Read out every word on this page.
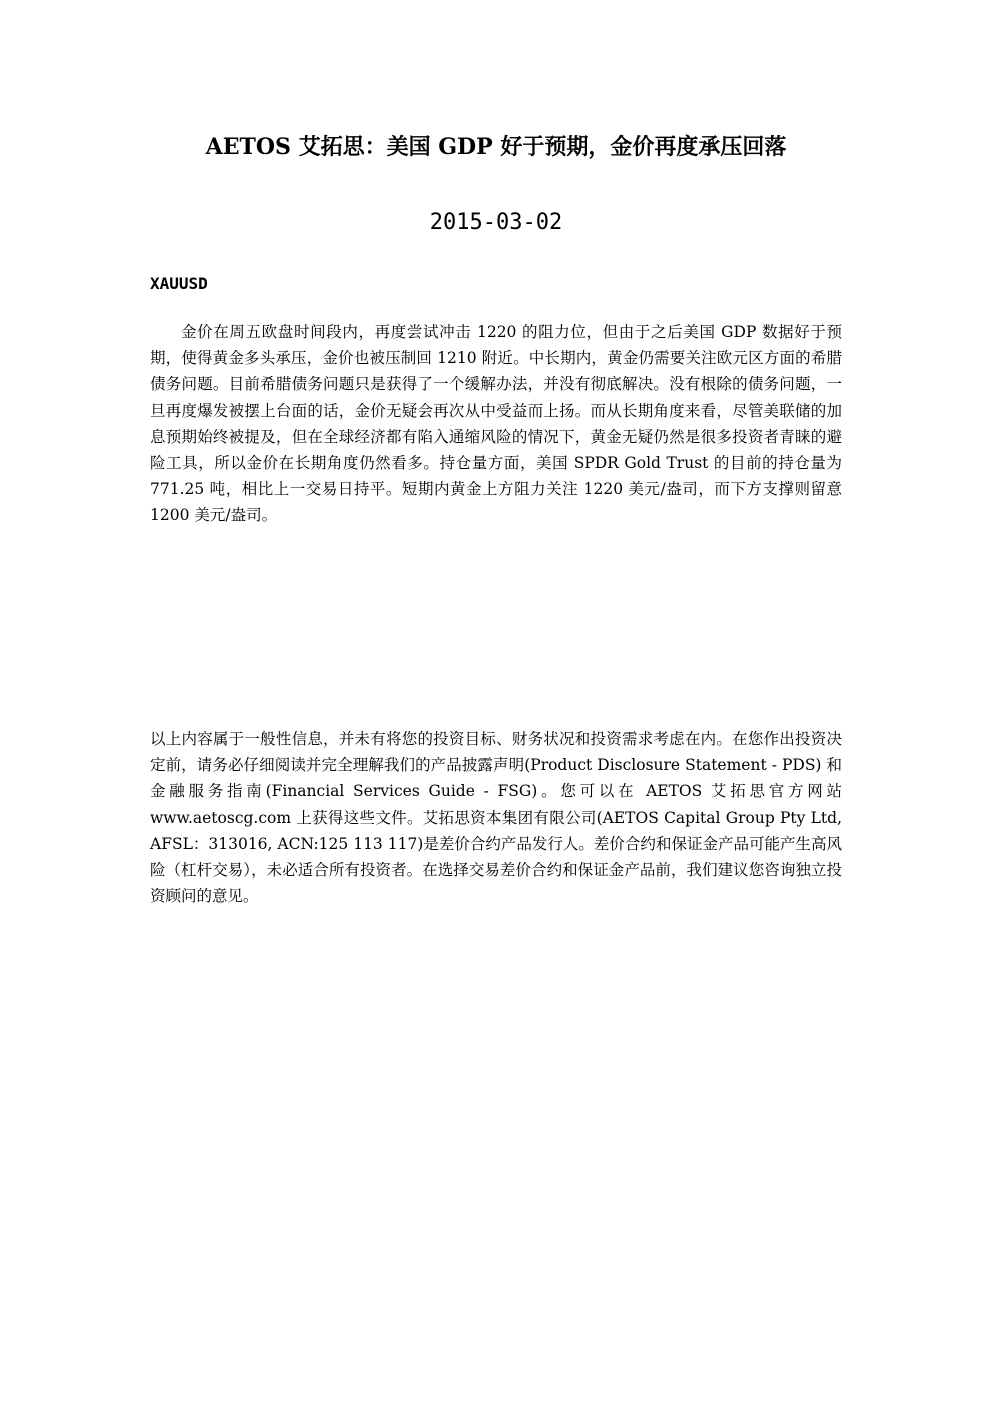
AETOS 艾拓思：美国 GDP 好于预期，金价再度承压回落
2015-03-02
XAUUSD

金价在周五欧盘时间段内，再度尝试冲击 1220 的阻力位，但由于之后美国 GDP 数据好于预期，使得黄金多头承压，金价也被压制回 1210 附近。中长期内，黄金仍需要关注欧元区方面的希腊债务问题。目前希腊债务问题只是获得了一个缓解办法，并没有彻底解决。没有根除的债务问题，一旦再度爆发被摆上台面的话，金价无疑会再次从中受益而上扬。而从长期角度来看，尽管美联储的加息预期始终被提及，但在全球经济都有陷入通缩风险的情况下，黄金无疑仍然是很多投资者青睐的避险工具，所以金价在长期角度仍然看多。持仓量方面，美国 SPDR Gold Trust 的目前的持仓量为 771.25 吨，相比上一交易日持平。短期内黄金上方阻力关注 1220 美元/盎司，而下方支撑则留意 1200 美元/盎司。

以上内容属于一般性信息，并未有将您的投资目标、财务状况和投资需求考虑在内。在您作出投资决定前，请务必仔细阅读并完全理解我们的产品披露声明(Product Disclosure Statement - PDS) 和金融服务指南(Financial Services Guide - FSG)。您可以在 AETOS 艾拓思官方网站 www.aetoscg.com 上获得这些文件。艾拓思资本集团有限公司(AETOS Capital Group Pty Ltd, AFSL：313016, ACN:125 113 117)是差价合约产品发行人。差价合约和保证金产品可能产生高风险（杠杆交易），未必适合所有投资者。在选择交易差价合约和保证金产品前，我们建议您咨询独立投资顾问的意见。
